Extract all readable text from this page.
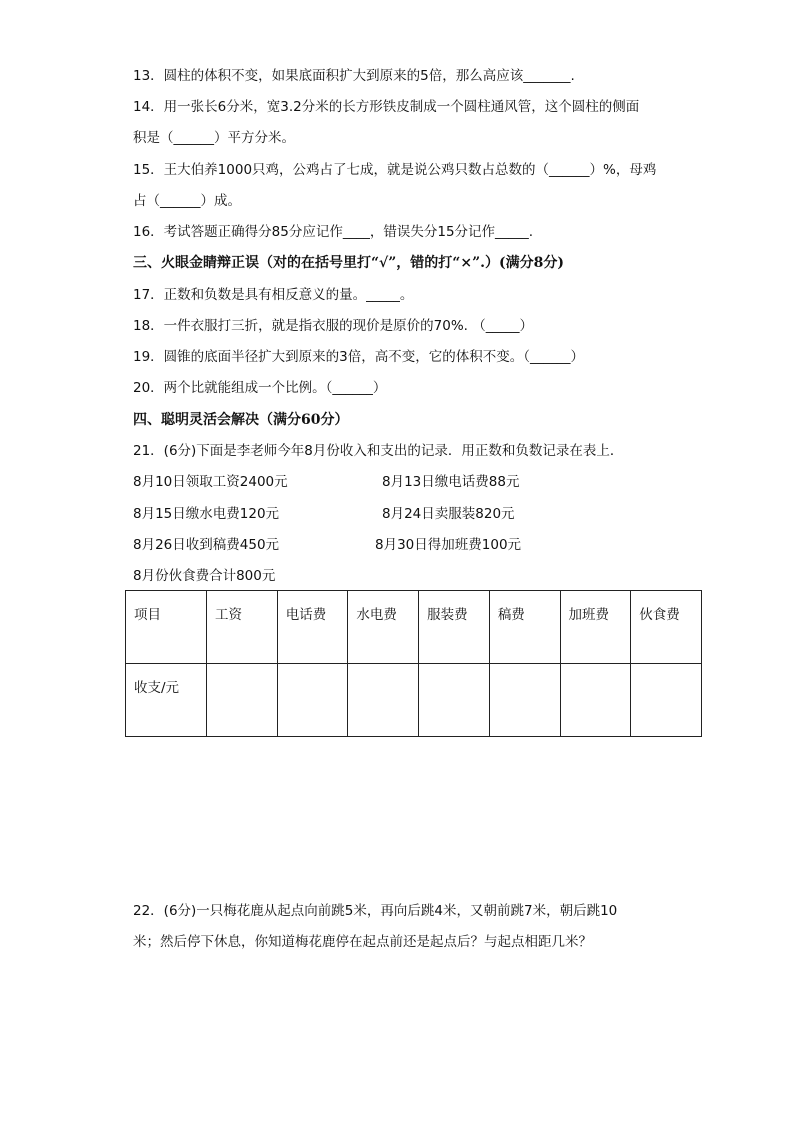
13．圆柱的体积不变，如果底面积扩大到原来的5倍，那么高应该_______.
14．用一张长6分米，宽3.2分米的长方形铁皮制成一个圆柱通风管，这个圆柱的侧面
积是（______）平方分米。
15．王大伯养1000只鸡，公鸡占了七成，就是说公鸡只数占总数的（______）%，母鸡
占（______）成。
16．考试答题正确得分85分应记作____，错误失分15分记作_____.
三、火眼金睛辩正误（对的在括号里打“√”，错的打“×”.）(满分8分)
17．正数和负数是具有相反意义的量。_____。
18．一件衣服打三折，就是指衣服的现价是原价的70%. （_____）
19．圆锥的底面半径扩大到原来的3倍，高不变，它的体积不变。（______）
20．两个比就能组成一个比例。（______）
四、聪明灵活会解决（满分60分）
21．(6分)下面是李老师今年8月份收入和支出的记录．用正数和负数记录在表上．
8月10日领取工资2400元	8月13日缴电话费88元
8月15日缴水电费120元	8月24日卖服装820元
8月26日收到稿费450元	8月30日得加班费100元
8月份伙食费合计800元
项目	工资	电话费	水电费	服装费	稿费	加班费	伙食费
收支/元							
22．(6分)一只梅花鹿从起点向前跳5米，再向后跳4米，又朝前跳7米，朝后跳10
米；然后停下休息，你知道梅花鹿停在起点前还是起点后？与起点相距几米？
